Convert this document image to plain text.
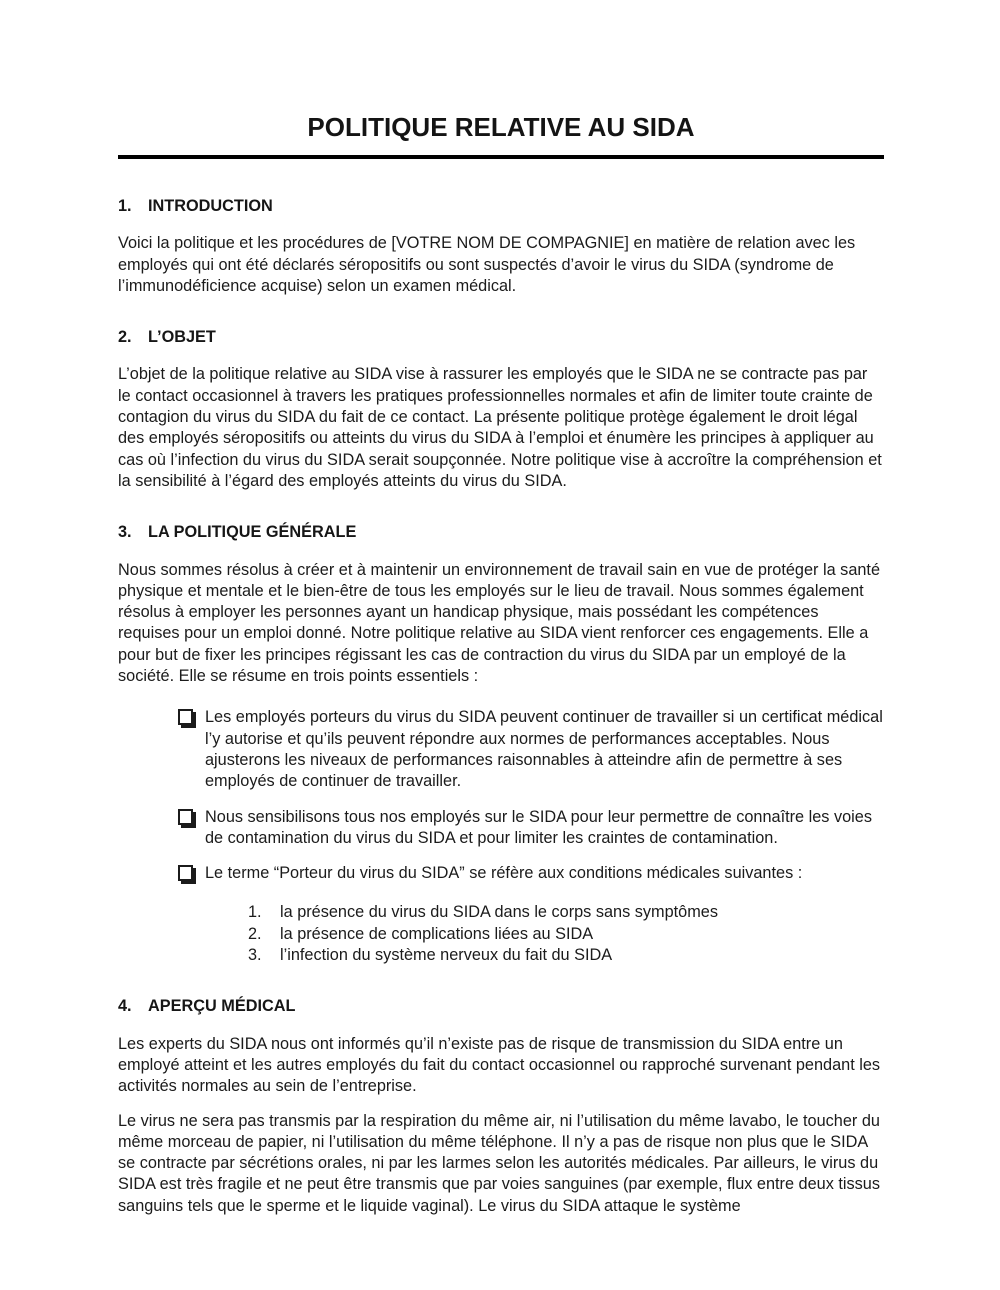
POLITIQUE RELATIVE AU SIDA
1. INTRODUCTION

Voici la politique et les procédures de [VOTRE NOM DE COMPAGNIE] en matière de relation avec les employés qui ont été déclarés séropositifs ou sont suspectés d’avoir le virus du SIDA (syndrome de l’immunodéficience acquise) selon un examen médical.

2. L’OBJET

L’objet de la politique relative au SIDA vise à rassurer les employés que le SIDA ne se contracte pas par le contact occasionnel à travers les pratiques professionnelles normales et afin de limiter toute crainte de contagion du virus du SIDA du fait de ce contact. La présente politique protège également le droit légal des employés séropositifs ou atteints du virus du SIDA à l’emploi et énumère les principes à appliquer au cas où l’infection du virus du SIDA serait soupçonnée. Notre politique vise à accroître la compréhension et la sensibilité à l’égard des employés atteints du virus du SIDA.

3. LA POLITIQUE GÉNÉRALE

Nous sommes résolus à créer et à maintenir un environnement de travail sain en vue de protéger la santé physique et mentale et le bien-être de tous les employés sur le lieu de travail. Nous sommes également résolus à employer les personnes ayant un handicap physique, mais possédant les compétences requises pour un emploi donné. Notre politique relative au SIDA vient renforcer ces engagements. Elle a pour but de fixer les principes régissant les cas de contraction du virus du SIDA par un employé de la société. Elle se résume en trois points essentiels :

Les employés porteurs du virus du SIDA peuvent continuer de travailler si un certificat médical l’y autorise et qu’ils peuvent répondre aux normes de performances acceptables. Nous ajusterons les niveaux de performances raisonnables à atteindre afin de permettre à ses employés de continuer de travailler.
Nous sensibilisons tous nos employés sur le SIDA pour leur permettre de connaître les voies de contamination du virus du SIDA et pour limiter les craintes de contamination.
Le terme “Porteur du virus du SIDA” se réfère aux conditions médicales suivantes :
1.	la présence du virus du SIDA dans le corps sans symptômes
2.	la présence de complications liées au SIDA
3.	l’infection du système nerveux du fait du SIDA
4. APERÇU MÉDICAL

Les experts du SIDA nous ont informés qu’il n’existe pas de risque de transmission du SIDA entre un employé atteint et les autres employés du fait du contact occasionnel ou rapproché survenant pendant les activités normales au sein de l’entreprise.

Le virus ne sera pas transmis par la respiration du même air, ni l’utilisation du même lavabo, le toucher du même morceau de papier, ni l’utilisation du même téléphone. Il n’y a pas de risque non plus que le SIDA se contracte par sécrétions orales, ni par les larmes selon les autorités médicales. Par ailleurs, le virus du SIDA est très fragile et ne peut être transmis que par voies sanguines (par exemple, flux entre deux tissus sanguins tels que le sperme et le liquide vaginal). Le virus du SIDA attaque le système
